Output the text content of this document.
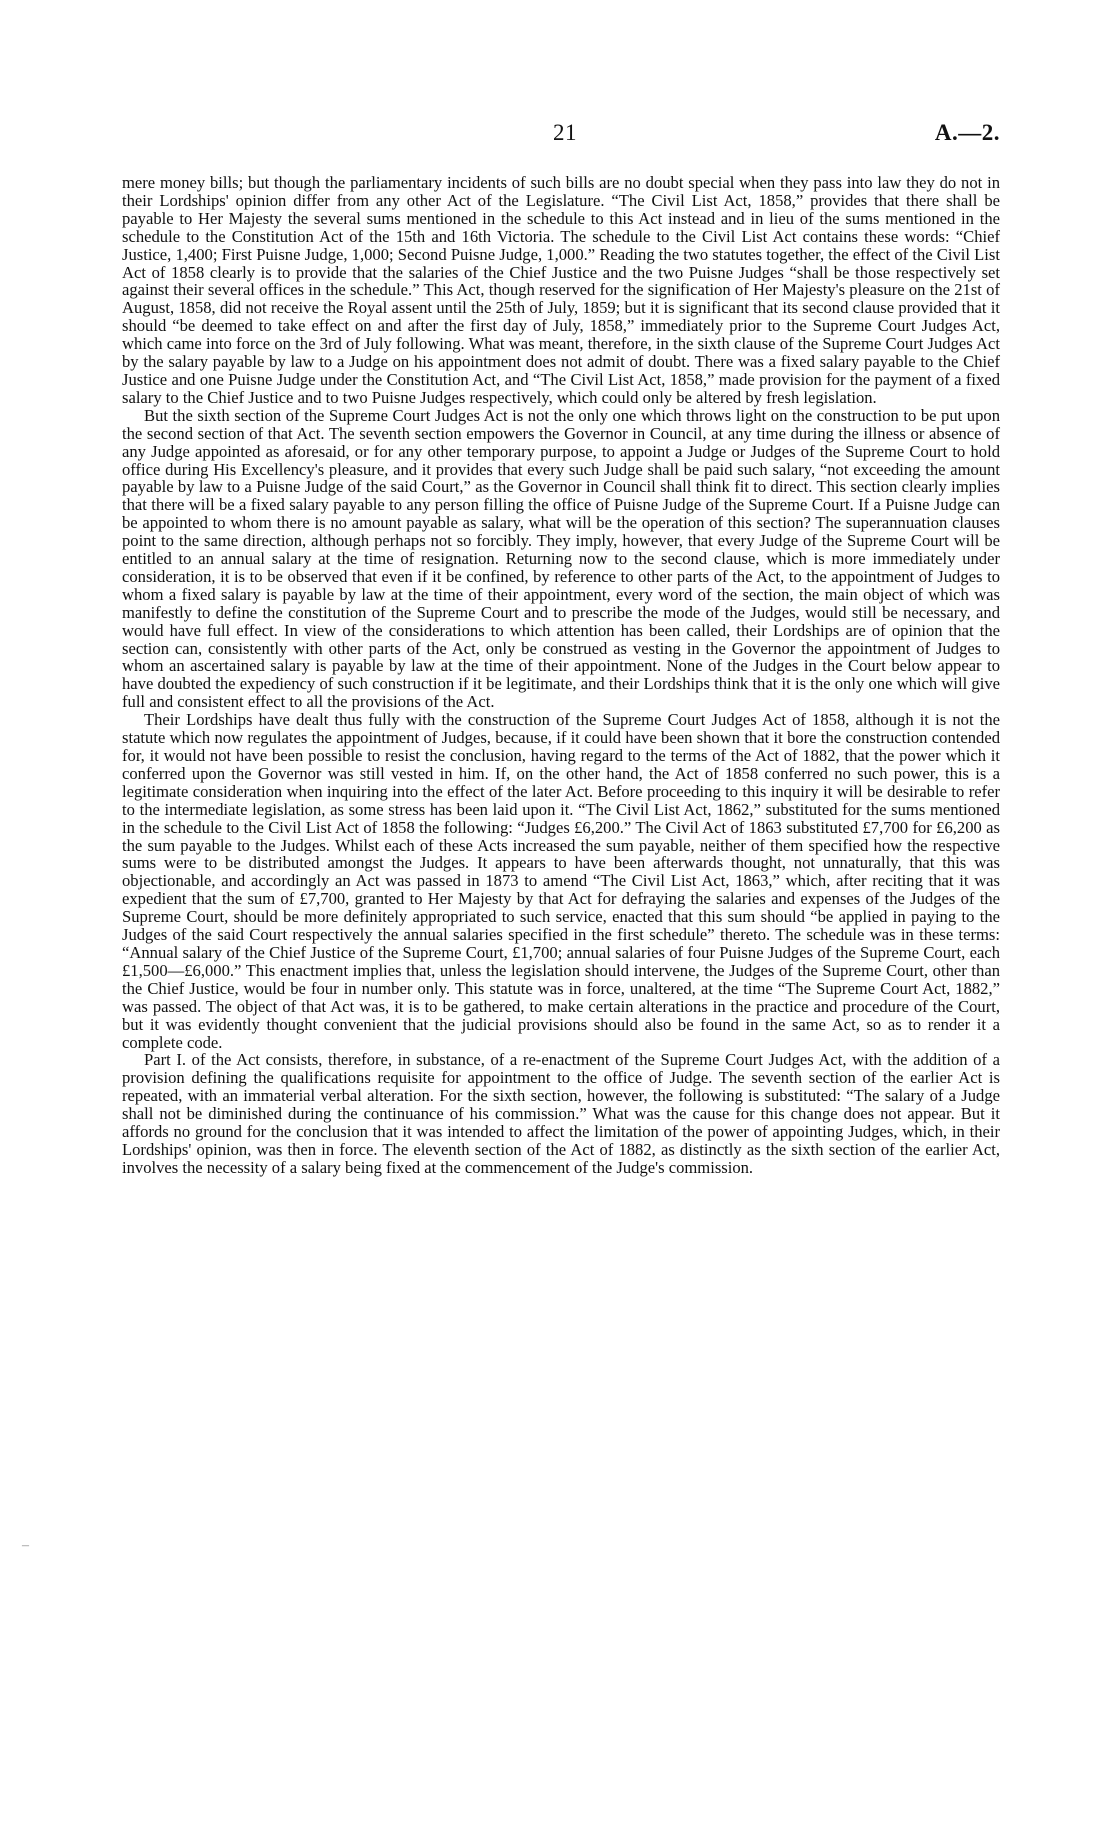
21	A.—2.

mere money bills; but though the parliamentary incidents of such bills are no doubt special when they pass into law they do not in their Lordships' opinion differ from any other Act of the Legislature. “The Civil List Act, 1858,” provides that there shall be payable to Her Majesty the several sums mentioned in the schedule to this Act instead and in lieu of the sums mentioned in the schedule to the Constitution Act of the 15th and 16th Victoria. The schedule to the Civil List Act contains these words: “Chief Justice, 1,400; First Puisne Judge, 1,000; Second Puisne Judge, 1,000.” Reading the two statutes together, the effect of the Civil List Act of 1858 clearly is to provide that the salaries of the Chief Justice and the two Puisne Judges “shall be those respectively set against their several offices in the schedule.” This Act, though reserved for the signification of Her Majesty's pleasure on the 21st of August, 1858, did not receive the Royal assent until the 25th of July, 1859; but it is significant that its second clause provided that it should “be deemed to take effect on and after the first day of July, 1858,” immediately prior to the Supreme Court Judges Act, which came into force on the 3rd of July following. What was meant, therefore, in the sixth clause of the Supreme Court Judges Act by the salary payable by law to a Judge on his appointment does not admit of doubt. There was a fixed salary payable to the Chief Justice and one Puisne Judge under the Constitution Act, and “The Civil List Act, 1858,” made provision for the payment of a fixed salary to the Chief Justice and to two Puisne Judges respectively, which could only be altered by fresh legislation.

But the sixth section of the Supreme Court Judges Act is not the only one which throws light on the construction to be put upon the second section of that Act. The seventh section empowers the Governor in Council, at any time during the illness or absence of any Judge appointed as aforesaid, or for any other temporary purpose, to appoint a Judge or Judges of the Supreme Court to hold office during His Excellency's pleasure, and it provides that every such Judge shall be paid such salary, “not exceeding the amount payable by law to a Puisne Judge of the said Court,” as the Governor in Council shall think fit to direct. This section clearly implies that there will be a fixed salary payable to any person filling the office of Puisne Judge of the Supreme Court. If a Puisne Judge can be appointed to whom there is no amount payable as salary, what will be the operation of this section? The superannuation clauses point to the same direction, although perhaps not so forcibly. They imply, however, that every Judge of the Supreme Court will be entitled to an annual salary at the time of resignation. Returning now to the second clause, which is more immediately under consideration, it is to be observed that even if it be confined, by reference to other parts of the Act, to the appointment of Judges to whom a fixed salary is payable by law at the time of their appointment, every word of the section, the main object of which was manifestly to define the constitution of the Supreme Court and to prescribe the mode of the Judges, would still be necessary, and would have full effect. In view of the considerations to which attention has been called, their Lordships are of opinion that the section can, consistently with other parts of the Act, only be construed as vesting in the Governor the appointment of Judges to whom an ascertained salary is payable by law at the time of their appointment. None of the Judges in the Court below appear to have doubted the expediency of such construction if it be legitimate, and their Lordships think that it is the only one which will give full and consistent effect to all the provisions of the Act.

Their Lordships have dealt thus fully with the construction of the Supreme Court Judges Act of 1858, although it is not the statute which now regulates the appointment of Judges, because, if it could have been shown that it bore the construction contended for, it would not have been possible to resist the conclusion, having regard to the terms of the Act of 1882, that the power which it conferred upon the Governor was still vested in him. If, on the other hand, the Act of 1858 conferred no such power, this is a legitimate consideration when inquiring into the effect of the later Act. Before proceeding to this inquiry it will be desirable to refer to the intermediate legislation, as some stress has been laid upon it. “The Civil List Act, 1862,” substituted for the sums mentioned in the schedule to the Civil List Act of 1858 the following: “Judges £6,200.” The Civil Act of 1863 substituted £7,700 for £6,200 as the sum payable to the Judges. Whilst each of these Acts increased the sum payable, neither of them specified how the respective sums were to be distributed amongst the Judges. It appears to have been afterwards thought, not unnaturally, that this was objectionable, and accordingly an Act was passed in 1873 to amend “The Civil List Act, 1863,” which, after reciting that it was expedient that the sum of £7,700, granted to Her Majesty by that Act for defraying the salaries and expenses of the Judges of the Supreme Court, should be more definitely appropriated to such service, enacted that this sum should “be applied in paying to the Judges of the said Court respectively the annual salaries specified in the first schedule” thereto. The schedule was in these terms: “Annual salary of the Chief Justice of the Supreme Court, £1,700; annual salaries of four Puisne Judges of the Supreme Court, each £1,500—£6,000.” This enactment implies that, unless the legislation should intervene, the Judges of the Supreme Court, other than the Chief Justice, would be four in number only. This statute was in force, unaltered, at the time “The Supreme Court Act, 1882,” was passed. The object of that Act was, it is to be gathered, to make certain alterations in the practice and procedure of the Court, but it was evidently thought convenient that the judicial provisions should also be found in the same Act, so as to render it a complete code.

Part I. of the Act consists, therefore, in substance, of a re-enactment of the Supreme Court Judges Act, with the addition of a provision defining the qualifications requisite for appointment to the office of Judge. The seventh section of the earlier Act is repeated, with an immaterial verbal alteration. For the sixth section, however, the following is substituted: “The salary of a Judge shall not be diminished during the continuance of his commission.” What was the cause for this change does not appear. But it affords no ground for the conclusion that it was intended to affect the limitation of the power of appointing Judges, which, in their Lordships' opinion, was then in force. The eleventh section of the Act of 1882, as distinctly as the sixth section of the earlier Act, involves the necessity of a salary being fixed at the commencement of the Judge's commission.

–
